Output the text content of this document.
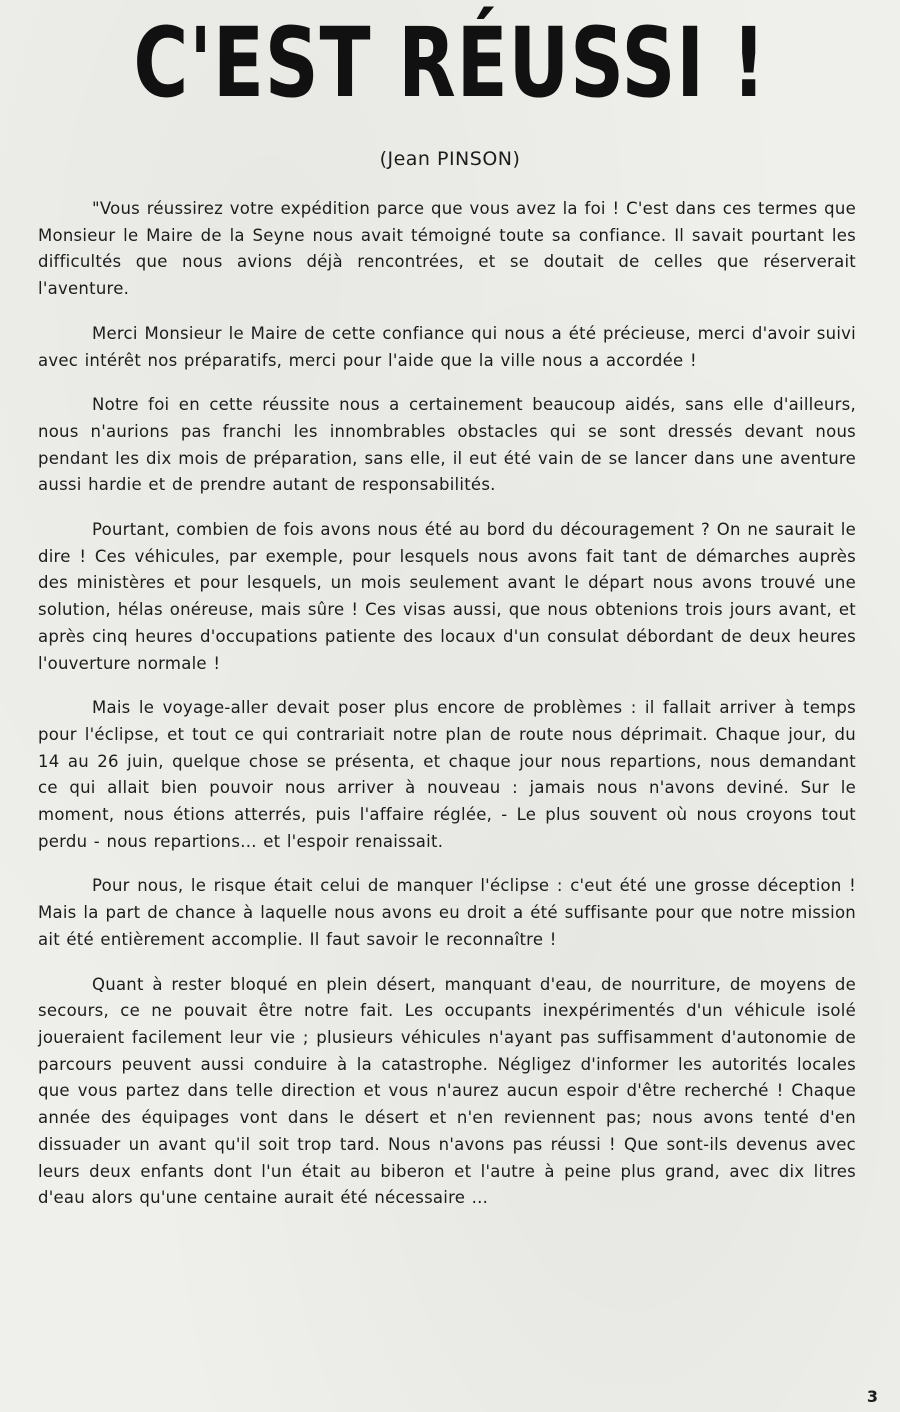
C'EST RÉUSSI !
(Jean PINSON)

"Vous réussirez votre expédition parce que vous avez la foi ! C'est dans ces termes que Monsieur le Maire de la Seyne nous avait témoigné toute sa confiance. Il savait pourtant les difficultés que nous avions déjà rencontrées, et se doutait de celles que réserverait l'aventure.

Merci Monsieur le Maire de cette confiance qui nous a été précieuse, merci d'avoir suivi avec intérêt nos préparatifs, merci pour l'aide que la ville nous a accordée !

Notre foi en cette réussite nous a certainement beaucoup aidés, sans elle d'ailleurs, nous n'aurions pas franchi les innombrables obstacles qui se sont dressés devant nous pendant les dix mois de préparation, sans elle, il eut été vain de se lancer dans une aventure aussi hardie et de prendre autant de responsabilités.

Pourtant, combien de fois avons nous été au bord du découragement ? On ne saurait le dire ! Ces véhicules, par exemple, pour lesquels nous avons fait tant de démarches auprès des ministères et pour lesquels, un mois seulement avant le départ nous avons trouvé une solution, hélas onéreuse, mais sûre ! Ces visas aussi, que nous obtenions trois jours avant, et après cinq heures d'occupations patiente des locaux d'un consulat débordant de deux heures l'ouverture normale !

Mais le voyage-aller devait poser plus encore de problèmes : il fallait arriver à temps pour l'éclipse, et tout ce qui contrariait notre plan de route nous déprimait. Chaque jour, du 14 au 26 juin, quelque chose se présenta, et chaque jour nous repartions, nous demandant ce qui allait bien pouvoir nous arriver à nouveau : jamais nous n'avons deviné. Sur le moment, nous étions atterrés, puis l'affaire réglée, - Le plus souvent où nous croyons tout perdu - nous repartions... et l'espoir renaissait.

Pour nous, le risque était celui de manquer l'éclipse : c'eut été une grosse déception ! Mais la part de chance à laquelle nous avons eu droit a été suffisante pour que notre mission ait été entièrement accomplie. Il faut savoir le reconnaître !

Quant à rester bloqué en plein désert, manquant d'eau, de nourriture, de moyens de secours, ce ne pouvait être notre fait. Les occupants inexpérimentés d'un véhicule isolé joueraient facilement leur vie ; plusieurs véhicules n'ayant pas suffisamment d'autonomie de parcours peuvent aussi conduire à la catastrophe. Négligez d'informer les autorités locales que vous partez dans telle direction et vous n'aurez aucun espoir d'être recherché ! Chaque année des équipages vont dans le désert et n'en reviennent pas; nous avons tenté d'en dissuader un avant qu'il soit trop tard. Nous n'avons pas réussi ! Que sont-ils devenus avec leurs deux enfants dont l'un était au biberon et l'autre à peine plus grand, avec dix litres d'eau alors qu'une centaine aurait été nécessaire ...

3
